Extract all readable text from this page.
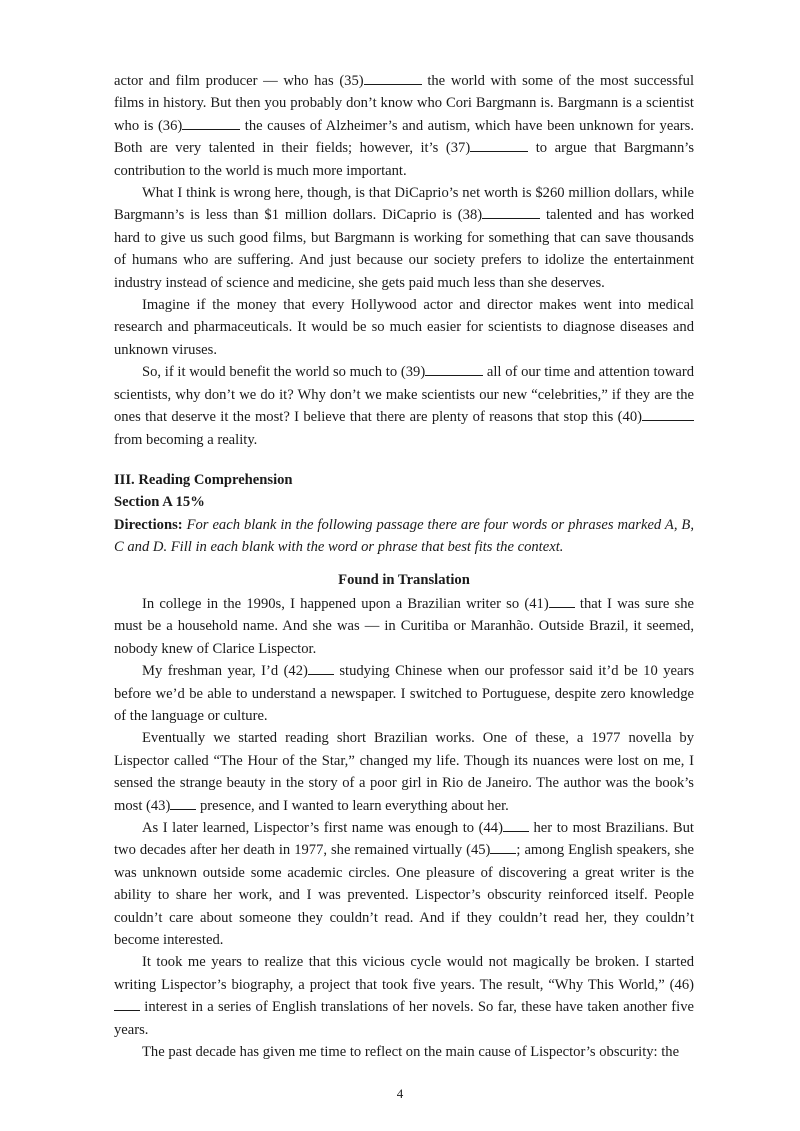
actor and film producer — who has (35)	the world with some of the most successful films in history. But then you probably don’t know who Cori Bargmann is. Bargmann is a scientist who is (36)	the causes of Alzheimer’s and autism, which have been unknown for years. Both are very talented in their fields; however, it’s (37)	to argue that Bargmann’s contribution to the world is much more important.

What I think is wrong here, though, is that DiCaprio’s net worth is $260 million dollars, while Bargmann’s is less than $1 million dollars. DiCaprio is (38)	talented and has worked hard to give us such good films, but Bargmann is working for something that can save thousands of humans who are suffering. And just because our society prefers to idolize the entertainment industry instead of science and medicine, she gets paid much less than she deserves.

Imagine if the money that every Hollywood actor and director makes went into medical research and pharmaceuticals. It would be so much easier for scientists to diagnose diseases and unknown viruses.

So, if it would benefit the world so much to (39)	all of our time and attention toward scientists, why don’t we do it? Why don’t we make scientists our new “celebrities,” if they are the ones that deserve it the most? I believe that there are plenty of reasons that stop this (40) from becoming a reality.

III. Reading Comprehension

Section A 15%

Directions: For each blank in the following passage there are four words or phrases marked A, B, C and D. Fill in each blank with the word or phrase that best fits the context.

Found in Translation

In college in the 1990s, I happened upon a Brazilian writer so (41) that I was sure she must be a household name. And she was — in Curitiba or Maranhão. Outside Brazil, it seemed, nobody knew of Clarice Lispector.

My freshman year, I’d (42) studying Chinese when our professor said it’d be 10 years before we’d be able to understand a newspaper. I switched to Portuguese, despite zero knowledge of the language or culture.

Eventually we started reading short Brazilian works. One of these, a 1977 novella by Lispector called “The Hour of the Star,” changed my life. Though its nuances were lost on me, I sensed the strange beauty in the story of a poor girl in Rio de Janeiro. The author was the book’s most (43) presence, and I wanted to learn everything about her.

As I later learned, Lispector’s first name was enough to (44) her to most Brazilians. But two decades after her death in 1977, she remained virtually (45) ; among English speakers, she was unknown outside some academic circles. One pleasure of discovering a great writer is the ability to share her work, and I was prevented. Lispector’s obscurity reinforced itself. People couldn’t care about someone they couldn’t read. And if they couldn’t read her, they couldn’t become interested.

It took me years to realize that this vicious cycle would not magically be broken. I started writing Lispector’s biography, a project that took five years. The result, “Why This World,” (46) interest in a series of English translations of her novels. So far, these have taken another five years.

The past decade has given me time to reflect on the main cause of Lispector’s obscurity: the

4
